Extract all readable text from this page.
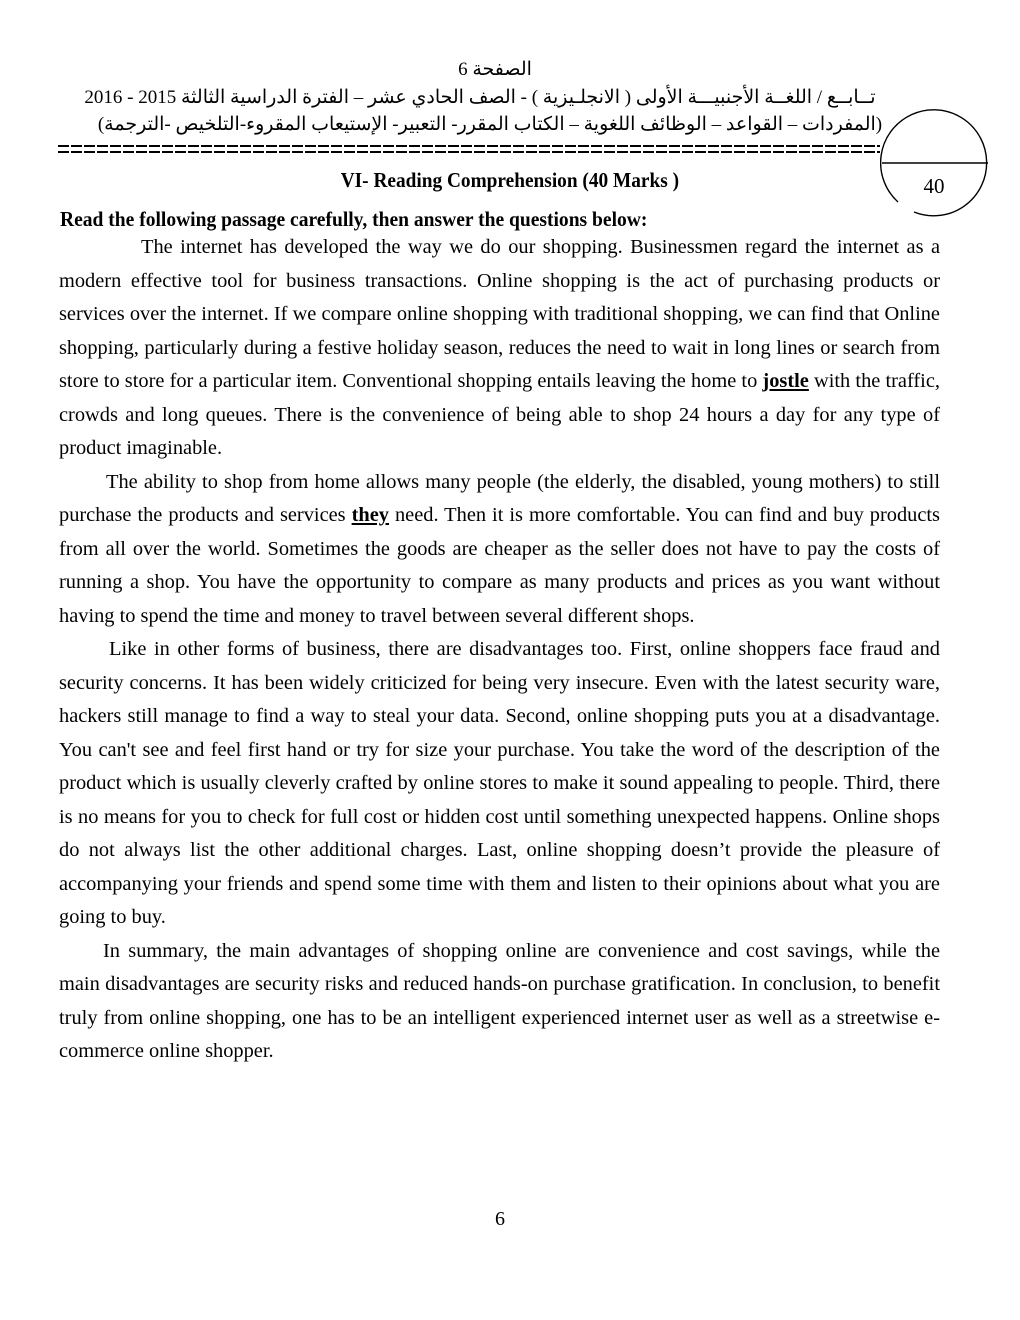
الصفحة 6
تــابــع / اللغــة الأجنبيـــة الأولى ( الانجلـيزية ) - الصف الحادي عشر – الفترة الدراسية الثالثة 2015 - 2016
(المفردات – القواعد – الوظائف اللغوية – الكتاب المقرر- التعبير- الإستيعاب المقروء-التلخيص -الترجمة)
40
VI- Reading Comprehension (40 Marks )
Read the following passage carefully, then answer the questions below:

The internet has developed the way we do our shopping. Businessmen regard the internet as a modern effective tool for business transactions. Online shopping is the act of purchasing products or services over the internet. If we compare online shopping with traditional shopping, we can find that Online shopping, particularly during a festive holiday season, reduces the need to wait in long lines or search from store to store for a particular item. Conventional shopping entails leaving the home to jostle with the traffic, crowds and long queues. There is the convenience of being able to shop 24 hours a day for any type of product imaginable.

The ability to shop from home allows many people (the elderly, the disabled, young mothers) to still purchase the products and services they need. Then it is more comfortable. You can find and buy products from all over the world. Sometimes the goods are cheaper as the seller does not have to pay the costs of running a shop. You have the opportunity to compare as many products and prices as you want without having to spend the time and money to travel between several different shops.

Like in other forms of business, there are disadvantages too. First, online shoppers face fraud and security concerns. It has been widely criticized for being very insecure. Even with the latest security ware, hackers still manage to find a way to steal your data. Second, online shopping puts you at a disadvantage. You can't see and feel first hand or try for size your purchase. You take the word of the description of the product which is usually cleverly crafted by online stores to make it sound appealing to people. Third, there is no means for you to check for full cost or hidden cost until something unexpected happens. Online shops do not always list the other additional charges. Last, online shopping doesn’t provide the pleasure of accompanying your friends and spend some time with them and listen to their opinions about what you are going to buy.

In summary, the main advantages of shopping online are convenience and cost savings, while the main disadvantages are security risks and reduced hands-on purchase gratification. In conclusion, to benefit truly from online shopping, one has to be an intelligent experienced internet user as well as a streetwise e-commerce online shopper.

6
